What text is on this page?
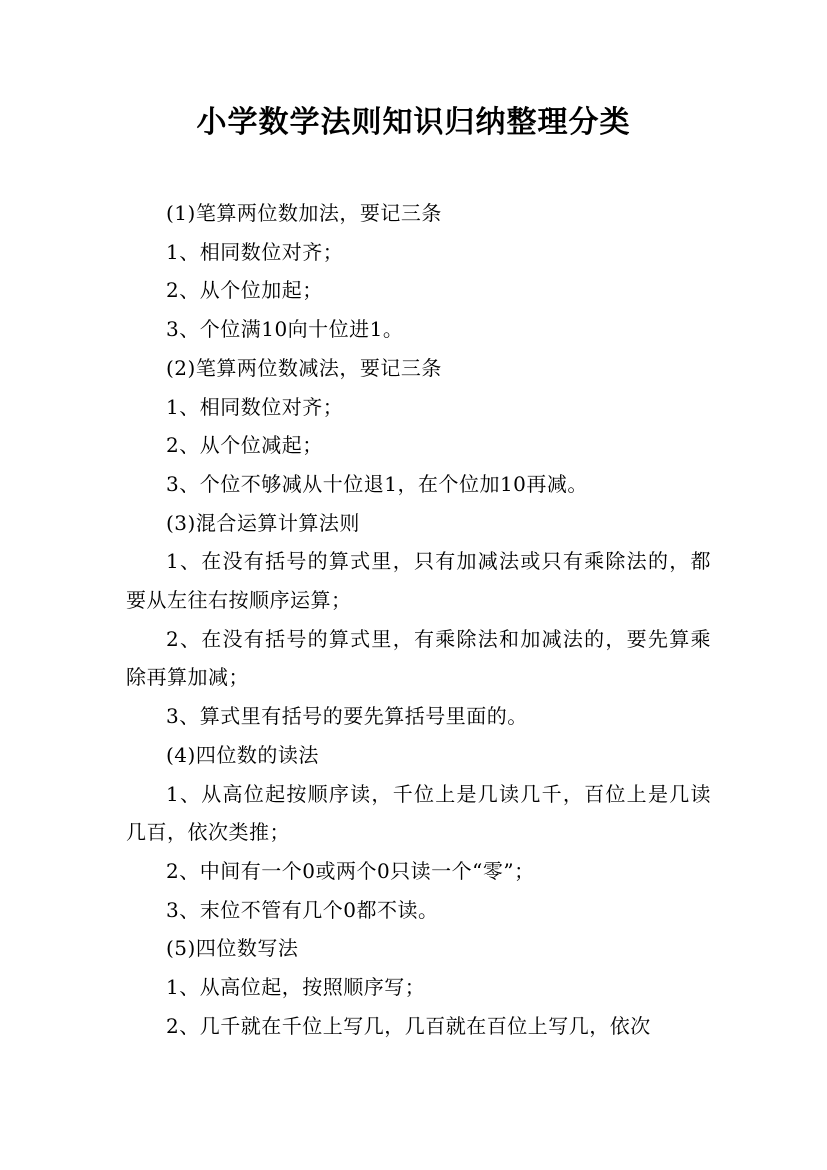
小学数学法则知识归纳整理分类

(1)笔算两位数加法，要记三条

1、相同数位对齐；

2、从个位加起；

3、个位满10向十位进1。

(2)笔算两位数减法，要记三条

1、相同数位对齐；

2、从个位减起；

3、个位不够减从十位退1，在个位加10再减。

(3)混合运算计算法则

1、在没有括号的算式里，只有加减法或只有乘除法的，都要从左往右按顺序运算；

2、在没有括号的算式里，有乘除法和加减法的，要先算乘除再算加减；

3、算式里有括号的要先算括号里面的。

(4)四位数的读法

1、从高位起按顺序读，千位上是几读几千，百位上是几读几百，依次类推；

2、中间有一个0或两个0只读一个“零”；

3、末位不管有几个0都不读。

(5)四位数写法

1、从高位起，按照顺序写；

2、几千就在千位上写几，几百就在百位上写几，依次
